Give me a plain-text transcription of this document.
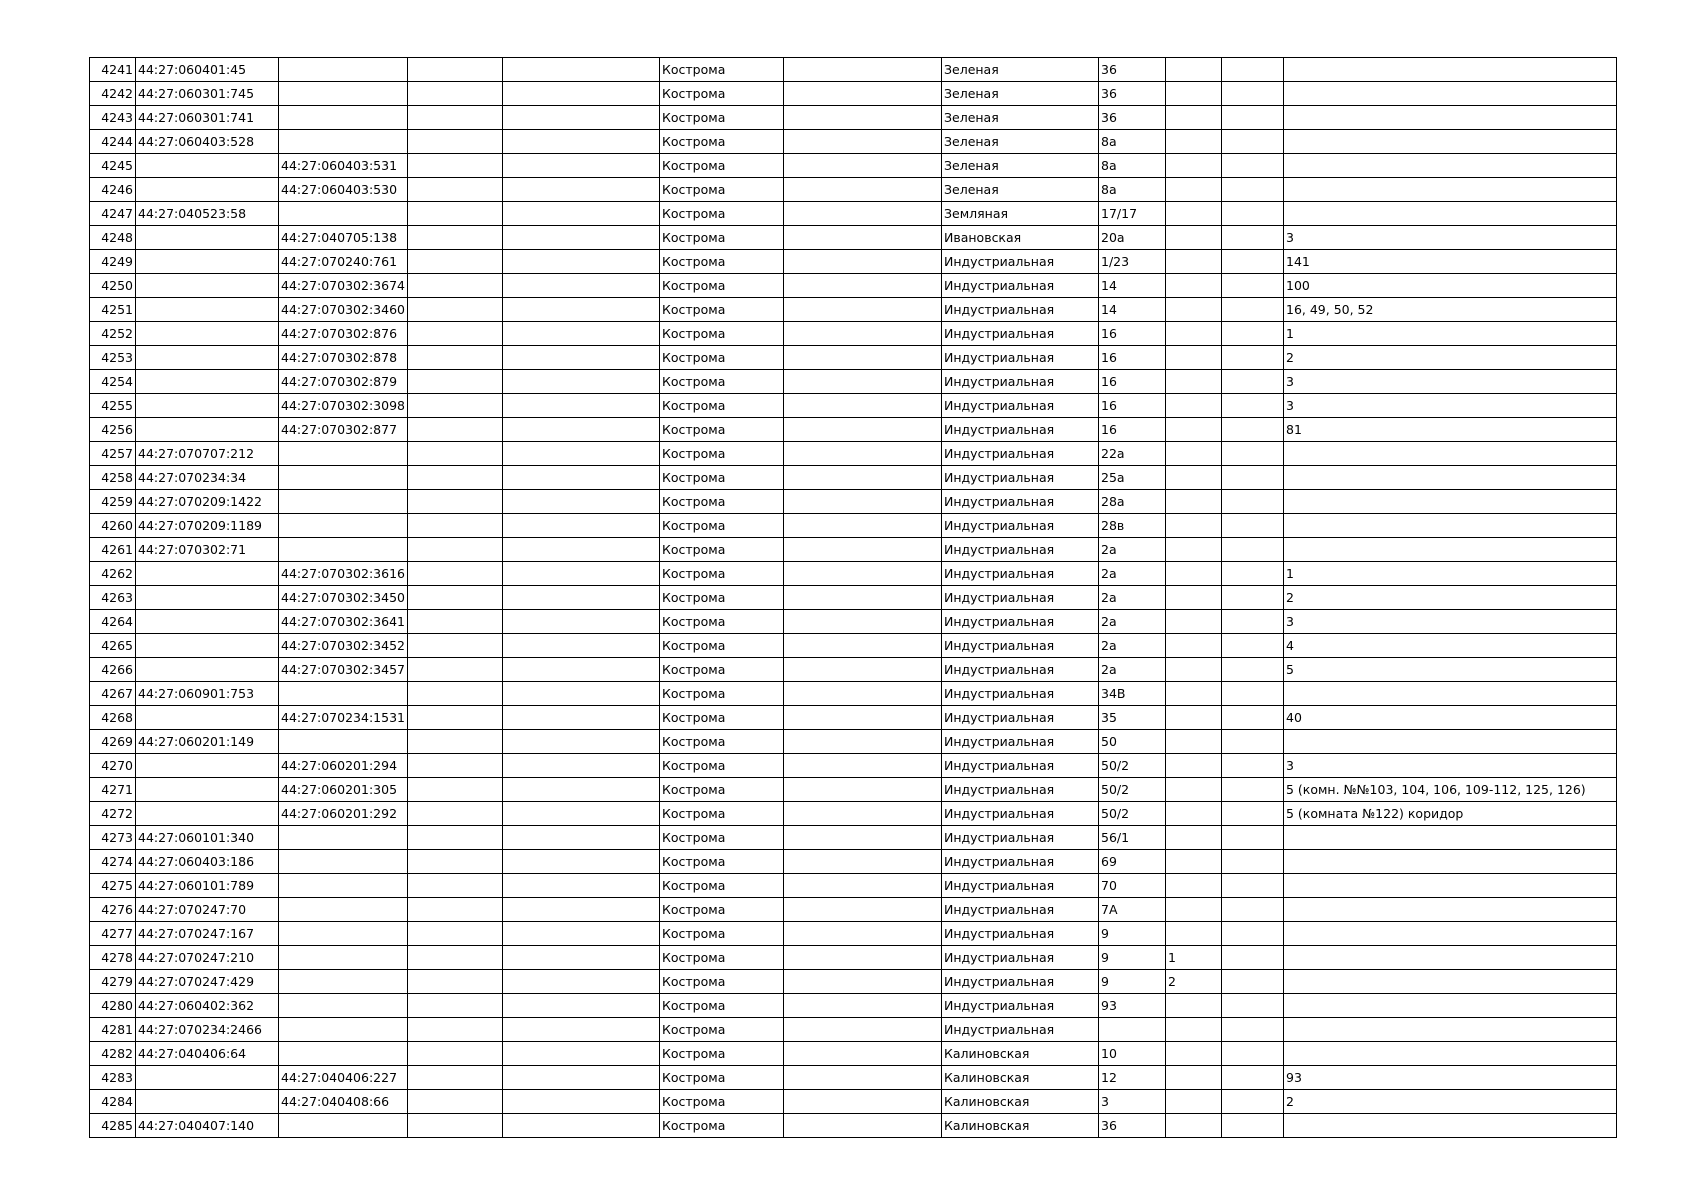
4241	44:27:060401:45				Кострома		Зеленая	36			
4242	44:27:060301:745				Кострома		Зеленая	36			
4243	44:27:060301:741				Кострома		Зеленая	36			
4244	44:27:060403:528				Кострома		Зеленая	8а			
4245		44:27:060403:531			Кострома		Зеленая	8а			
4246		44:27:060403:530			Кострома		Зеленая	8а			
4247	44:27:040523:58				Кострома		Земляная	17/17			
4248		44:27:040705:138			Кострома		Ивановская	20а			3
4249		44:27:070240:761			Кострома		Индустриальная	1/23			141
4250		44:27:070302:3674			Кострома		Индустриальная	14			100
4251		44:27:070302:3460			Кострома		Индустриальная	14			16, 49, 50, 52
4252		44:27:070302:876			Кострома		Индустриальная	16			1
4253		44:27:070302:878			Кострома		Индустриальная	16			2
4254		44:27:070302:879			Кострома		Индустриальная	16			3
4255		44:27:070302:3098			Кострома		Индустриальная	16			3
4256		44:27:070302:877			Кострома		Индустриальная	16			81
4257	44:27:070707:212				Кострома		Индустриальная	22а			
4258	44:27:070234:34				Кострома		Индустриальная	25а			
4259	44:27:070209:1422				Кострома		Индустриальная	28а			
4260	44:27:070209:1189				Кострома		Индустриальная	28в			
4261	44:27:070302:71				Кострома		Индустриальная	2а			
4262		44:27:070302:3616			Кострома		Индустриальная	2а			1
4263		44:27:070302:3450			Кострома		Индустриальная	2а			2
4264		44:27:070302:3641			Кострома		Индустриальная	2а			3
4265		44:27:070302:3452			Кострома		Индустриальная	2а			4
4266		44:27:070302:3457			Кострома		Индустриальная	2а			5
4267	44:27:060901:753				Кострома		Индустриальная	34В			
4268		44:27:070234:1531			Кострома		Индустриальная	35			40
4269	44:27:060201:149				Кострома		Индустриальная	50			
4270		44:27:060201:294			Кострома		Индустриальная	50/2			3
4271		44:27:060201:305			Кострома		Индустриальная	50/2			5 (комн. №№103, 104, 106, 109-112, 125, 126)
4272		44:27:060201:292			Кострома		Индустриальная	50/2			5 (комната №122) коридор
4273	44:27:060101:340				Кострома		Индустриальная	56/1			
4274	44:27:060403:186				Кострома		Индустриальная	69			
4275	44:27:060101:789				Кострома		Индустриальная	70			
4276	44:27:070247:70				Кострома		Индустриальная	7А			
4277	44:27:070247:167				Кострома		Индустриальная	9			
4278	44:27:070247:210				Кострома		Индустриальная	9	1		
4279	44:27:070247:429				Кострома		Индустриальная	9	2		
4280	44:27:060402:362				Кострома		Индустриальная	93			
4281	44:27:070234:2466				Кострома		Индустриальная				
4282	44:27:040406:64				Кострома		Калиновская	10			
4283		44:27:040406:227			Кострома		Калиновская	12			93
4284		44:27:040408:66			Кострома		Калиновская	3			2
4285	44:27:040407:140				Кострома		Калиновская	36			
